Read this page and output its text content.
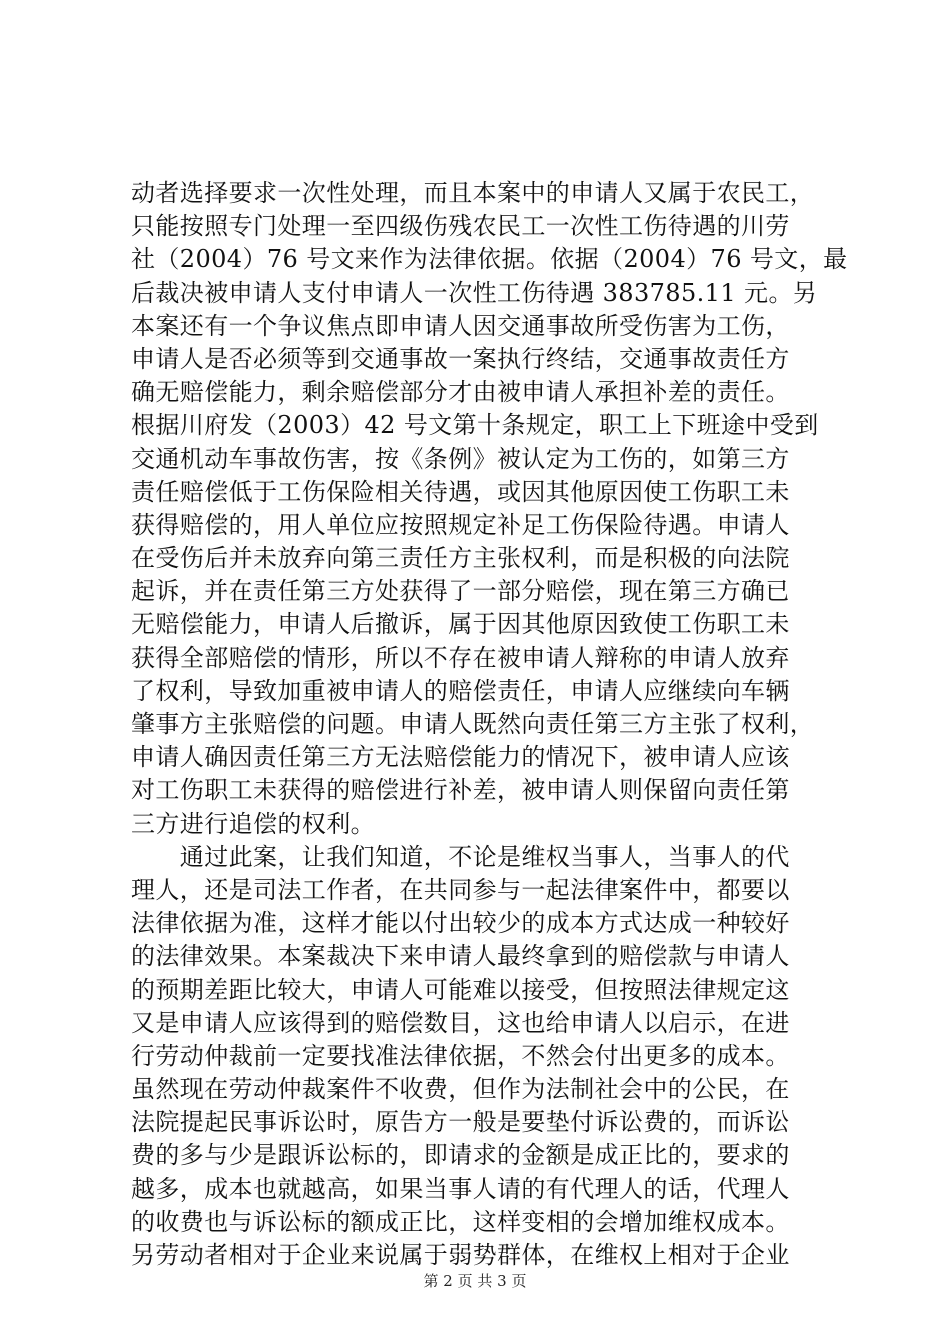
动者选择要求一次性处理，而且本案中的申请人又属于农民工，
只能按照专门处理一至四级伤残农民工一次性工伤待遇的川劳
社（2004）76 号文来作为法律依据。依据（2004）76 号文，最
后裁决被申请人支付申请人一次性工伤待遇 383785.11 元。另
本案还有一个争议焦点即申请人因交通事故所受伤害为工伤，
申请人是否必须等到交通事故一案执行终结，交通事故责任方
确无赔偿能力，剩余赔偿部分才由被申请人承担补差的责任。
根据川府发（2003）42 号文第十条规定，职工上下班途中受到
交通机动车事故伤害，按《条例》被认定为工伤的，如第三方
责任赔偿低于工伤保险相关待遇，或因其他原因使工伤职工未
获得赔偿的，用人单位应按照规定补足工伤保险待遇。申请人
在受伤后并未放弃向第三责任方主张权利，而是积极的向法院
起诉，并在责任第三方处获得了一部分赔偿，现在第三方确已
无赔偿能力，申请人后撤诉，属于因其他原因致使工伤职工未
获得全部赔偿的情形，所以不存在被申请人辩称的申请人放弃
了权利，导致加重被申请人的赔偿责任，申请人应继续向车辆
肇事方主张赔偿的问题。申请人既然向责任第三方主张了权利，
申请人确因责任第三方无法赔偿能力的情况下，被申请人应该
对工伤职工未获得的赔偿进行补差，被申请人则保留向责任第
三方进行追偿的权利。
　　通过此案，让我们知道，不论是维权当事人，当事人的代
理人，还是司法工作者，在共同参与一起法律案件中，都要以
法律依据为准，这样才能以付出较少的成本方式达成一种较好
的法律效果。本案裁决下来申请人最终拿到的赔偿款与申请人
的预期差距比较大，申请人可能难以接受，但按照法律规定这
又是申请人应该得到的赔偿数目，这也给申请人以启示，在进
行劳动仲裁前一定要找准法律依据，不然会付出更多的成本。
虽然现在劳动仲裁案件不收费，但作为法制社会中的公民，在
法院提起民事诉讼时，原告方一般是要垫付诉讼费的，而诉讼
费的多与少是跟诉讼标的，即请求的金额是成正比的，要求的
越多，成本也就越高，如果当事人请的有代理人的话，代理人
的收费也与诉讼标的额成正比，这样变相的会增加维权成本。
另劳动者相对于企业来说属于弱势群体，在维权上相对于企业
第 2 页 共 3 页
